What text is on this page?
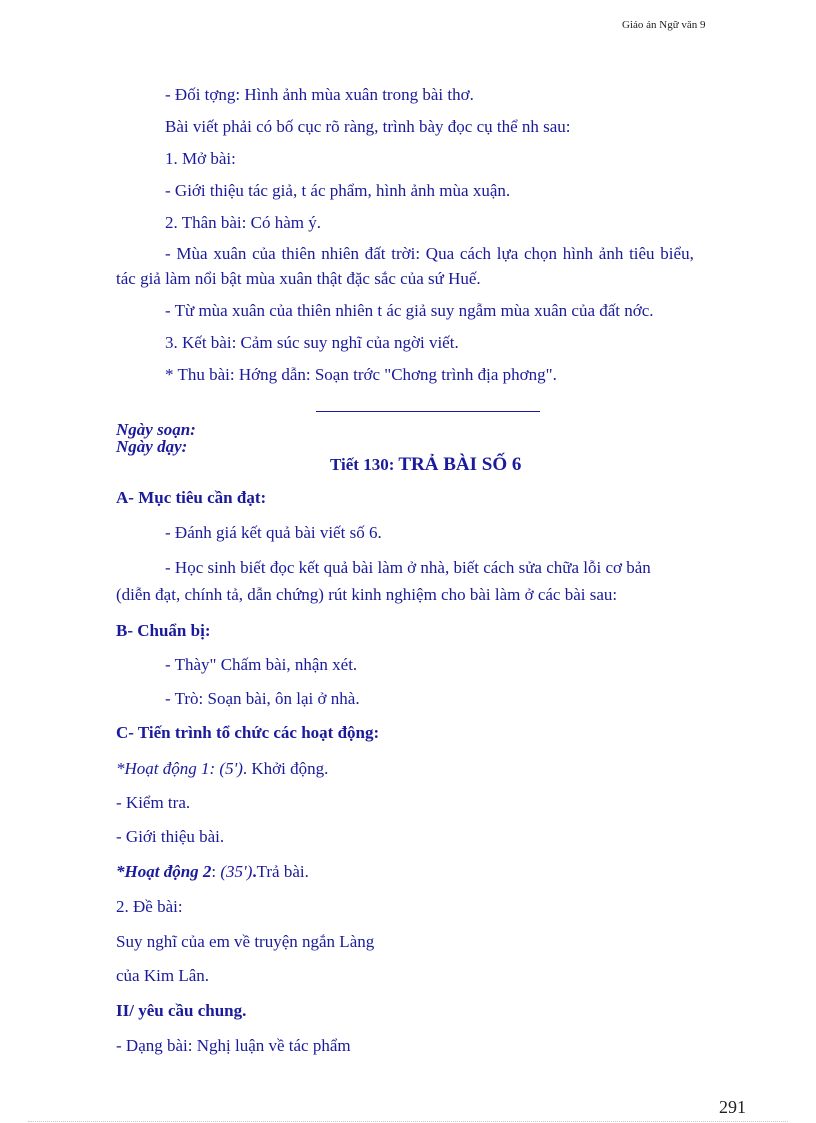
Giáo án Ngữ văn 9
- Đối tợng: Hình ảnh mùa xuân trong bài thơ.
Bài viết phải có bố cục rõ ràng, trình bày đọc cụ thể nh sau:
1. Mở bài:
- Giới thiệu tác giả, t ác phẩm, hình ảnh mùa xuận.
2. Thân bài: Có hàm ý.
- Mùa xuân của thiên nhiên đất trời: Qua cách lựa chọn hình ảnh tiêu biểu,
tác giả làm nổi bật mùa xuân thật đặc sắc của sứ Huế.
- Từ mùa xuân của thiên nhiên t ác giả suy ngẫm mùa xuân của đất nớc.
3. Kết bài: Cảm súc suy nghĩ của ngời viết.
* Thu bài: Hớng dẫn: Soạn trớc "Chơng trình địa phơng".
Ngày soạn:
Ngày dạy:
Tiết 130: TRẢ BÀI SỐ 6
A- Mục tiêu cần đạt:
- Đánh giá kết quả bài viết số 6.
- Học sinh biết đọc kết quả bài làm ở nhà, biết cách sửa chữa lỗi cơ bản
(diễn đạt, chính tả, dẫn chứng) rút kinh nghiệm cho bài làm ở các bài sau:
B- Chuẩn bị:
- Thày" Chấm bài, nhận xét.
- Trò: Soạn bài, ôn lại ở nhà.
C- Tiến trình tổ chức các hoạt động:
*Hoạt động 1: (5'). Khởi động.
- Kiểm tra.
- Giới thiệu bài.
*Hoạt động 2: (35').Trả bài.
2. Đề bài:
Suy nghĩ của em về truyện ngắn Làng
của Kim Lân.
II/ yêu cầu chung.
- Dạng bài: Nghị luận về tác phẩm
291
